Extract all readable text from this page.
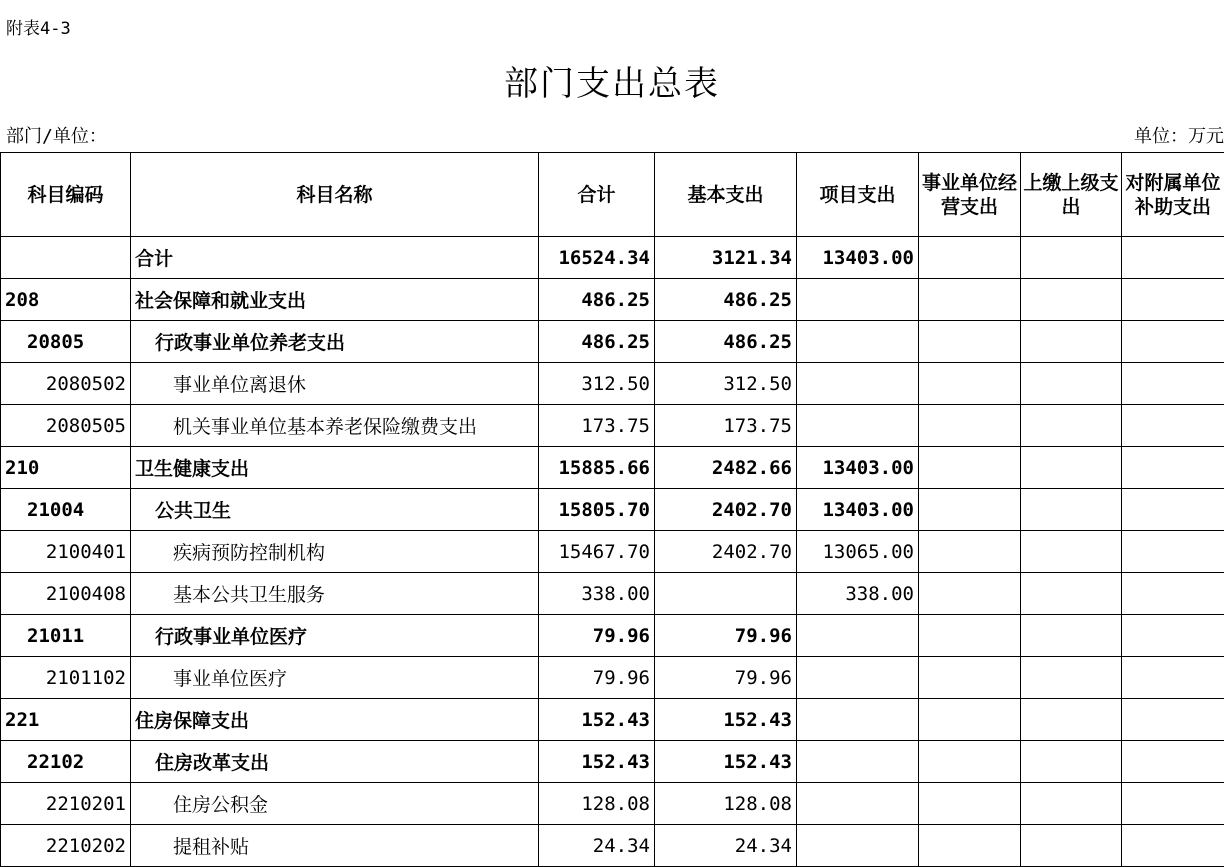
附表4-3
部门支出总表
部门/单位：	单位：万元
科目编码	科目名称	合计	基本支出	项目支出	事业单位经营支出	上缴上级支出	对附属单位补助支出
	合计	16524.34	3121.34	13403.00			
208	社会保障和就业支出	486.25	486.25				
20805	行政事业单位养老支出	486.25	486.25				
2080502	事业单位离退休	312.50	312.50				
2080505	机关事业单位基本养老保险缴费支出	173.75	173.75				
210	卫生健康支出	15885.66	2482.66	13403.00			
21004	公共卫生	15805.70	2402.70	13403.00			
2100401	疾病预防控制机构	15467.70	2402.70	13065.00			
2100408	基本公共卫生服务	338.00		338.00			
21011	行政事业单位医疗	79.96	79.96				
2101102	事业单位医疗	79.96	79.96				
221	住房保障支出	152.43	152.43				
22102	住房改革支出	152.43	152.43				
2210201	住房公积金	128.08	128.08				
2210202	提租补贴	24.34	24.34				
